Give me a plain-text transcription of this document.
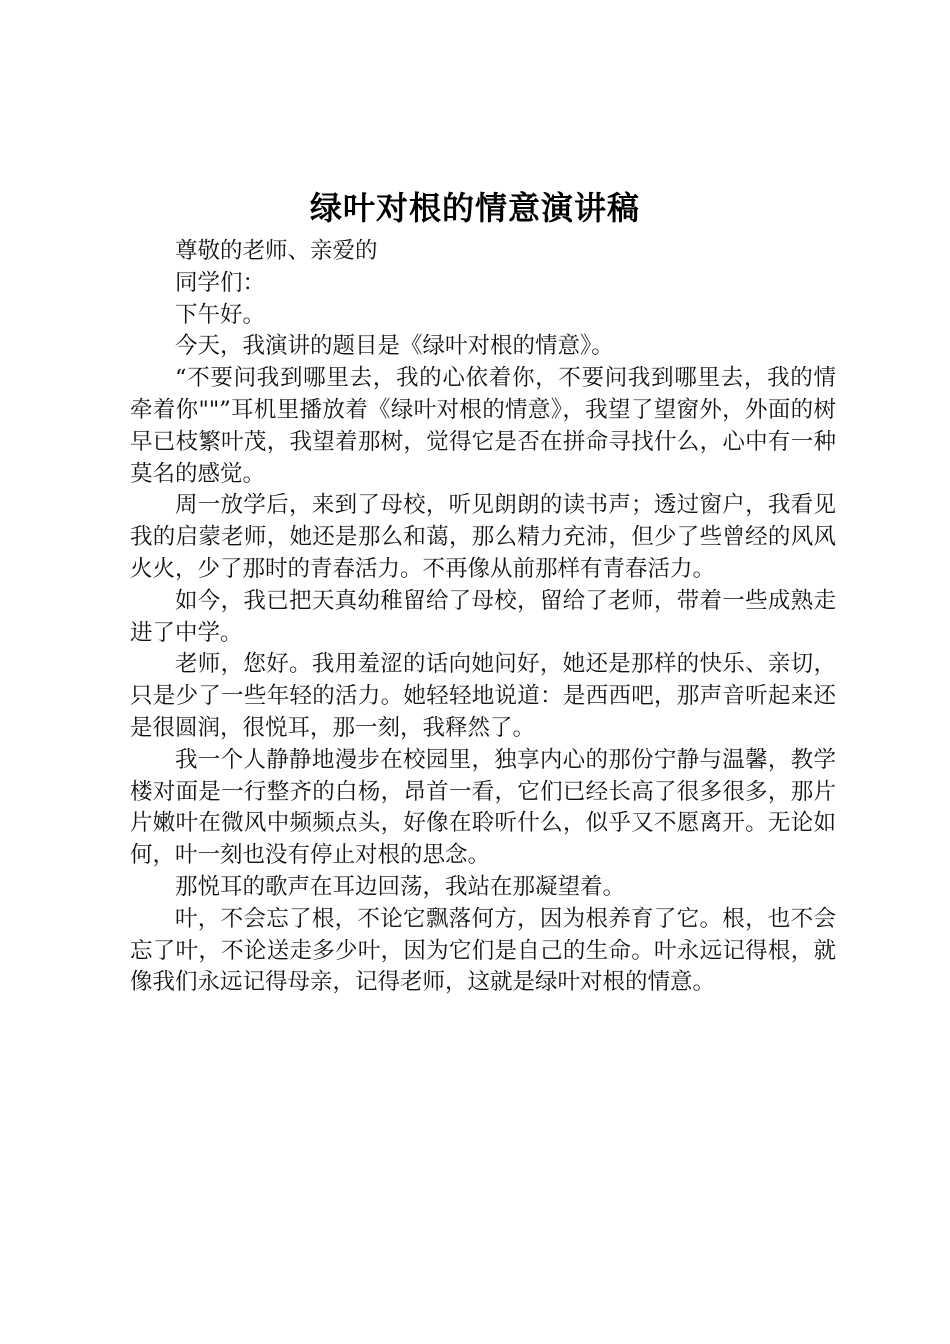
绿叶对根的情意演讲稿

尊敬的老师、亲爱的

同学们：

下午好。

今天，我演讲的题目是《绿叶对根的情意》。

“不要问我到哪里去，我的心依着你，不要问我到哪里去，我的情牵着你""”耳机里播放着《绿叶对根的情意》，我望了望窗外，外面的树早已枝繁叶茂，我望着那树，觉得它是否在拼命寻找什么，心中有一种莫名的感觉。

周一放学后，来到了母校，听见朗朗的读书声；透过窗户，我看见我的启蒙老师，她还是那么和蔼，那么精力充沛，但少了些曾经的风风火火，少了那时的青春活力。不再像从前那样有青春活力。

如今，我已把天真幼稚留给了母校，留给了老师，带着一些成熟走进了中学。

老师，您好。我用羞涩的话向她问好，她还是那样的快乐、亲切，只是少了一些年轻的活力。她轻轻地说道：是西西吧，那声音听起来还是很圆润，很悦耳，那一刻，我释然了。

我一个人静静地漫步在校园里，独享内心的那份宁静与温馨，教学楼对面是一行整齐的白杨，昂首一看，它们已经长高了很多很多，那片片嫩叶在微风中频频点头，好像在聆听什么，似乎又不愿离开。无论如何，叶一刻也没有停止对根的思念。

那悦耳的歌声在耳边回荡，我站在那凝望着。

叶，不会忘了根，不论它飘落何方，因为根养育了它。根，也不会忘了叶，不论送走多少叶，因为它们是自己的生命。叶永远记得根，就像我们永远记得母亲，记得老师，这就是绿叶对根的情意。
